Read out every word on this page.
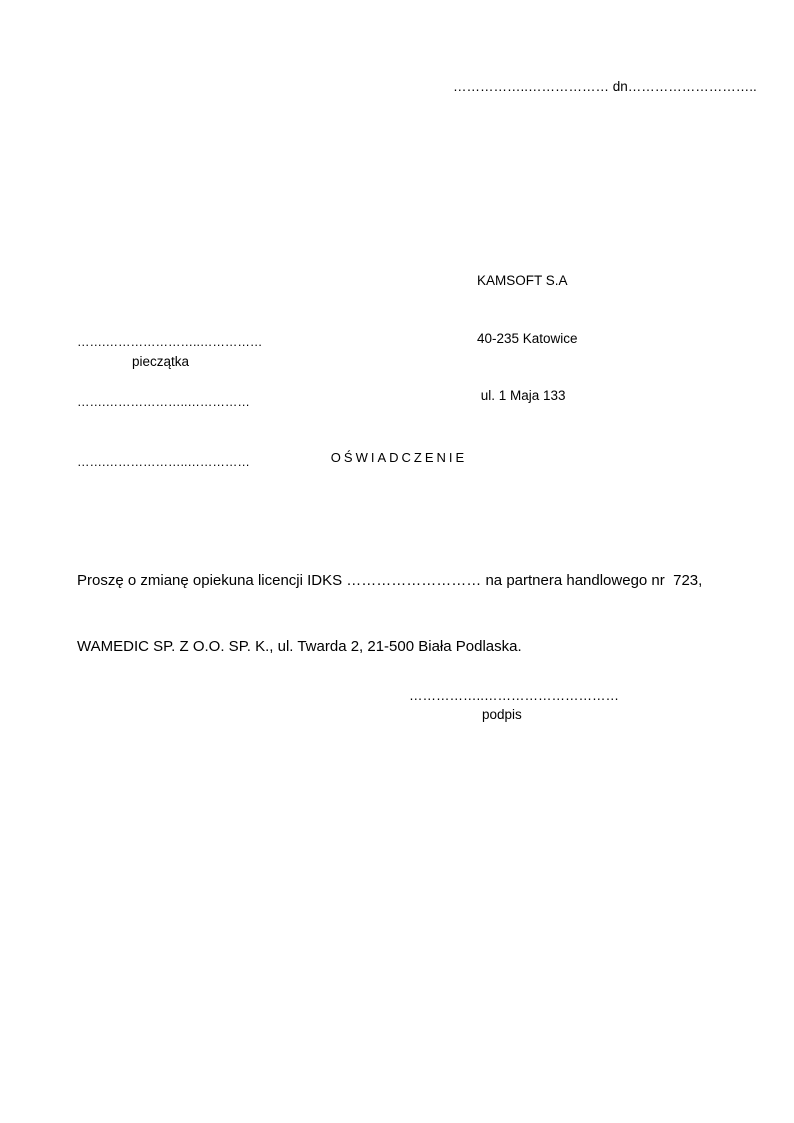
……………..……………… dn………………………..

KAMSOFT S.A

40-235 Katowice

ul. 1 Maja 133

…….…………………..……………

…….………………..……………

…….………………..……………

pieczątka
OŚWIADCZENIE

Proszę o zmianę opiekuna licencji IDKS ……………………… na partnera handlowego nr  723,

WAMEDIC SP. Z O.O. SP. K., ul. Twarda 2, 21-500 Biała Podlaska.

……………..…………………………
podpis
